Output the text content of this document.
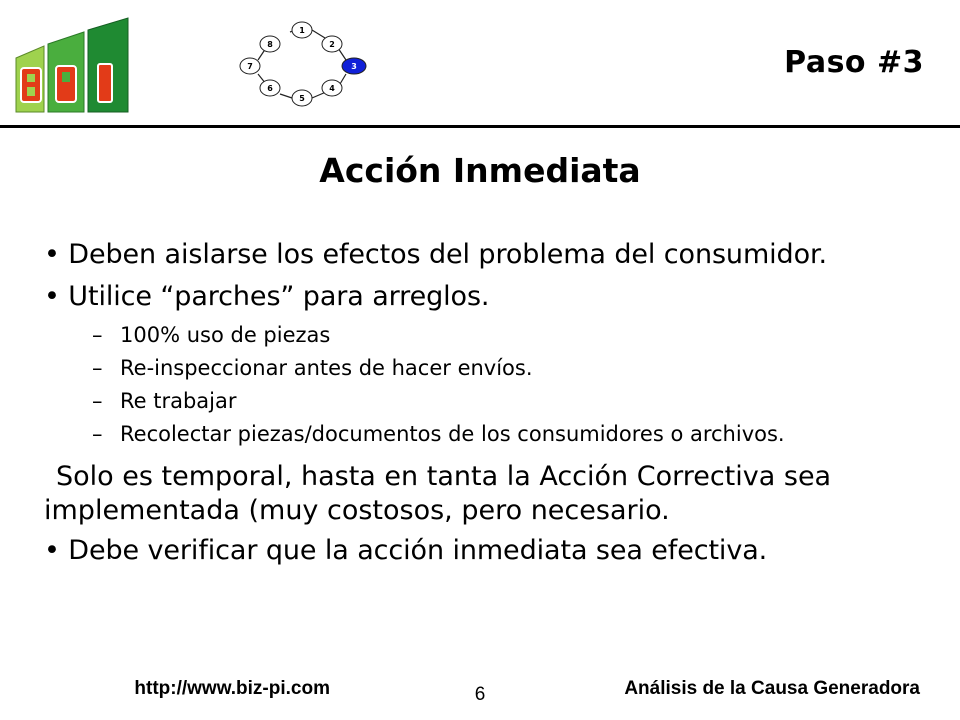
1
2
3
4
5
6
7
8
Paso #3
Acción Inmediata

• Deben aislarse los efectos del problema del consumidor.

• Utilice “parches” para arreglos.

– 100% uso de piezas
– Re-inspeccionar antes de hacer envíos.
– Re trabajar
– Recolectar piezas/documentos de los consumidores o archivos.

Solo es temporal, hasta en tanta la Acción Correctiva sea implementada (muy costosos, pero necesario.

• Debe verificar que la acción inmediata sea efectiva.

http://www.biz-pi.com	6	Análisis de la Causa Generadora
